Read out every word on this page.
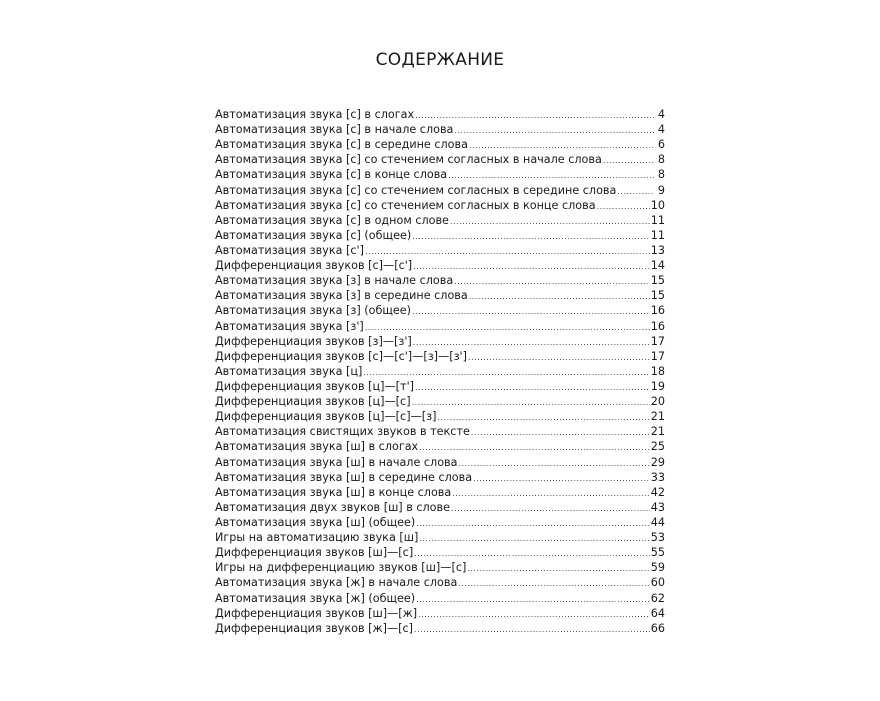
СОДЕРЖАНИЕ
Автоматизация звука [с] в слогах .....	4
Автоматизация звука [с] в начале слова .....	4
Автоматизация звука [с] в середине слова .....	6
Автоматизация звука [с] со стечением согласных в начале слова .....	8
Автоматизация звука [с] в конце слова .....	8
Автоматизация звука [с] со стечением согласных в середине слова .....	9
Автоматизация звука [с] со стечением согласных в конце слова .....	10
Автоматизация звука [с] в одном слове .....	11
Автоматизация звука [с] (общее) .....	11
Автоматизация звука [с'] .....	13
Дифференциация звуков [с]—[с'] .....	14
Автоматизация звука [з] в начале слова .....	15
Автоматизация звука [з] в середине слова .....	15
Автоматизация звука [з] (общее) .....	16
Автоматизация звука [з'] .....	16
Дифференциация звуков [з]—[з'] .....	17
Дифференциация звуков [с]—[с']—[з]—[з'] .....	17
Автоматизация звука [ц] .....	18
Дифференциация звуков [ц]—[т'] .....	19
Дифференциация звуков [ц]—[с] .....	20
Дифференциация звуков [ц]—[с]—[з] .....	21
Автоматизация свистящих звуков в тексте .....	21
Автоматизация звука [ш] в слогах .....	25
Автоматизация звука [ш] в начале слова .....	29
Автоматизация звука [ш] в середине слова .....	33
Автоматизация звука [ш] в конце слова .....	42
Автоматизация двух звуков [ш] в слове .....	43
Автоматизация звука [ш] (общее) .....	44
Игры на автоматизацию звука [ш] .....	53
Дифференциация звуков [ш]—[с] .....	55
Игры на дифференциацию звуков [ш]—[с] .....	59
Автоматизация звука [ж] в начале слова .....	60
Автоматизация звука [ж] (общее) .....	62
Дифференциация звуков [ш]—[ж] .....	64
Дифференциация звуков [ж]—[с] .....	66
